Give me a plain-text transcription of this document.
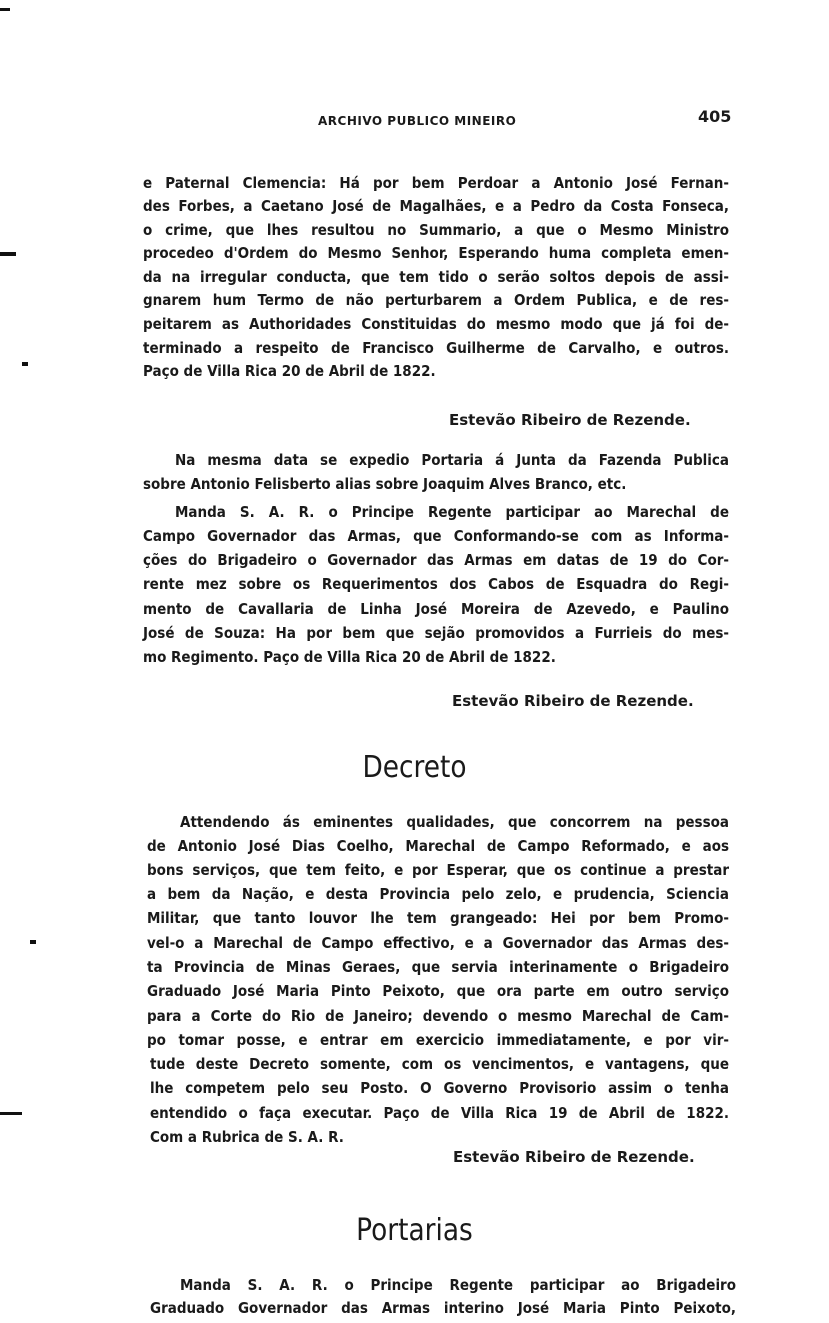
ARCHIVO PUBLICO MINEIRO	405
e Paternal Clemencia: Há por bem Perdoar a Antonio José Fernan-
des Forbes, a Caetano José de Magalhães, e a Pedro da Costa Fonseca,
o crime, que lhes resultou no Summario, a que o Mesmo Ministro
procedeo d'Ordem do Mesmo Senhor, Esperando huma completa emen-
da na irregular conducta, que tem tido o serão soltos depois de assi-
gnarem hum Termo de não perturbarem a Ordem Publica, e de res-
peitarem as Authoridades Constituidas do mesmo modo que já foi de-
terminado a respeito de Francisco Guilherme de Carvalho, e outros.
Paço de Villa Rica 20 de Abril de 1822.
Estevão Ribeiro de Rezende.
Na mesma data se expedio Portaria á Junta da Fazenda Publica
sobre Antonio Felisberto alias sobre Joaquim Alves Branco, etc.
Manda S. A. R. o Principe Regente participar ao Marechal de
Campo Governador das Armas, que Conformando-se com as Informa-
ções do Brigadeiro o Governador das Armas em datas de 19 do Cor-
rente mez sobre os Requerimentos dos Cabos de Esquadra do Regi-
mento de Cavallaria de Linha José Moreira de Azevedo, e Paulino
José de Souza: Ha por bem que sejão promovidos a Furrieis do mes-
mo Regimento. Paço de Villa Rica 20 de Abril de 1822.
Estevão Ribeiro de Rezende.
Decreto
Attendendo ás eminentes qualidades, que concorrem na pessoa
de Antonio José Dias Coelho, Marechal de Campo Reformado, e aos
bons serviços, que tem feito, e por Esperar, que os continue a prestar
a bem da Nação, e desta Provincia pelo zelo, e prudencia, Sciencia
Militar, que tanto louvor lhe tem grangeado: Hei por bem Promo-
vel-o a Marechal de Campo effectivo, e a Governador das Armas des-
ta Provincia de Minas Geraes, que servia interinamente o Brigadeiro
Graduado José Maria Pinto Peixoto, que ora parte em outro serviço
para a Corte do Rio de Janeiro; devendo o mesmo Marechal de Cam-
po tomar posse, e entrar em exercicio immediatamente, e por vir-
tude deste Decreto somente, com os vencimentos, e vantagens, que
lhe competem pelo seu Posto. O Governo Provisorio assim o tenha
entendido o faça executar. Paço de Villa Rica 19 de Abril de 1822.
Com a Rubrica de S. A. R.
Estevão Ribeiro de Rezende.
Portarias
Manda S. A. R. o Principe Regente participar ao Brigadeiro
Graduado Governador das Armas interino José Maria Pinto Peixoto,
